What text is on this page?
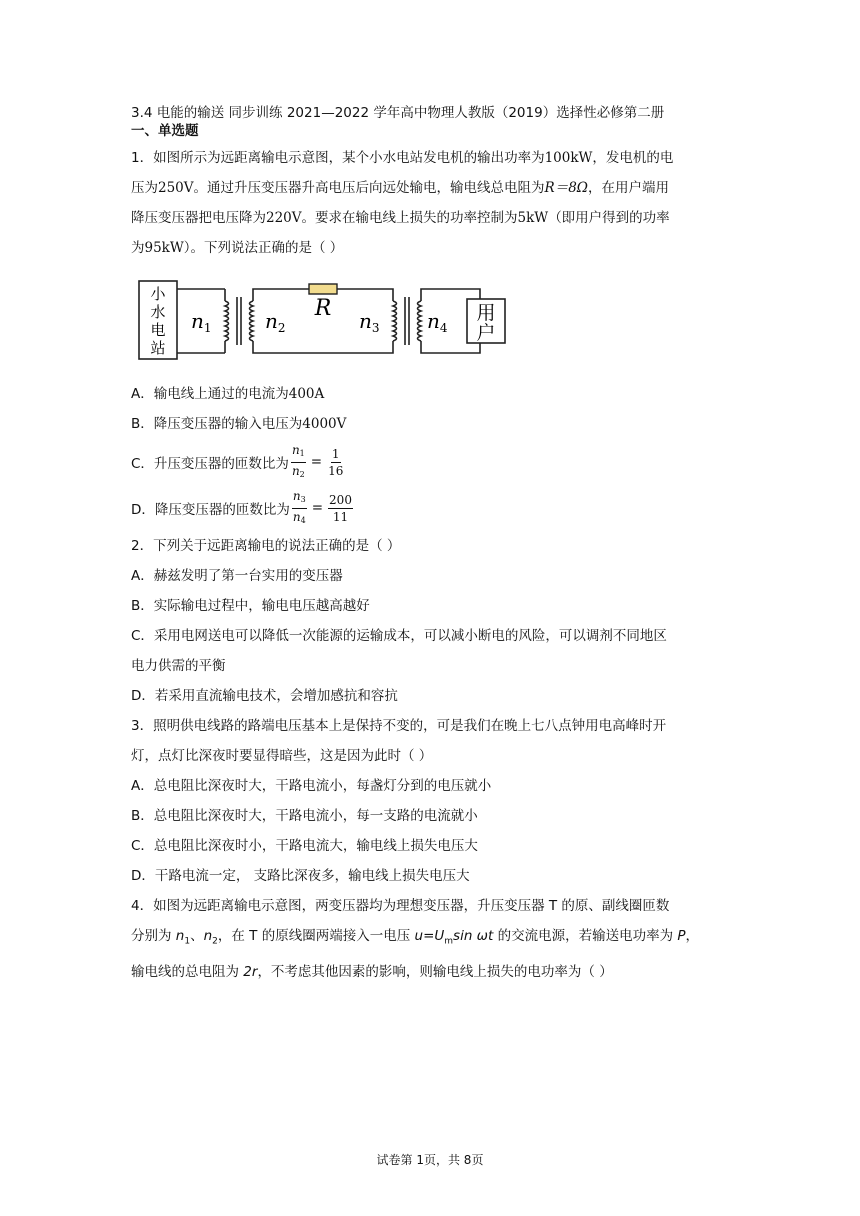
3.4 电能的输送 同步训练 2021—2022 学年高中物理人教版（2019）选择性必修第二册
一、单选题

1．如图所示为远距离输电示意图，某个小水电站发电机的输出功率为100kW，发电机的电

压为250V。通过升压变压器升高电压后向远处输电，输电线总电阻为R＝8Ω，在用户端用

降压变压器把电压降为220V。要求在输电线上损失的功率控制为5kW（即用户得到的功率

为95kW）。下列说法正确的是（ ）

小
水
电
站
R	用
户
$n_1$	$n_2$	$n_3$ $n_4$

A．输电线上通过的电流为400A

B．降压变压器的输入电压为4000V

C．升压变压器的匝数比为 $\frac{n_1}{n_2} = \frac{1}{16}$
D．降压变压器的匝数比为 $\frac{n_3}{n_4} = \frac{200}{11}$

2．下列关于远距离输电的说法正确的是（ ）

A．赫兹发明了第一台实用的变压器

B．实际输电过程中，输电电压越高越好

C．采用电网送电可以降低一次能源的运输成本，可以减小断电的风险，可以调剂不同地区

电力供需的平衡

D．若采用直流输电技术，会增加感抗和容抗

3．照明供电线路的路端电压基本上是保持不变的，可是我们在晚上七八点钟用电高峰时开

灯，点灯比深夜时要显得暗些，这是因为此时（ ）

A．总电阻比深夜时大，干路电流小，每盏灯分到的电压就小

B．总电阻比深夜时大，干路电流小，每一支路的电流就小

C．总电阻比深夜时小，干路电流大，输电线上损失电压大

D．干路电流一定， 支路比深夜多，输电线上损失电压大

4．如图为远距离输电示意图，两变压器均为理想变压器，升压变压器 T 的原、副线圈匝数

分别为 $n_1$、$n_2$，在 T 的原线圈两端接入一电压 $u=U_m\sin$ ωt 的交流电源，若输送电功率为 P，

输电线的总电阻为 2r，不考虑其他因素的影响，则输电线上损失的电功率为（ ）

试卷第 1页，共 8页
